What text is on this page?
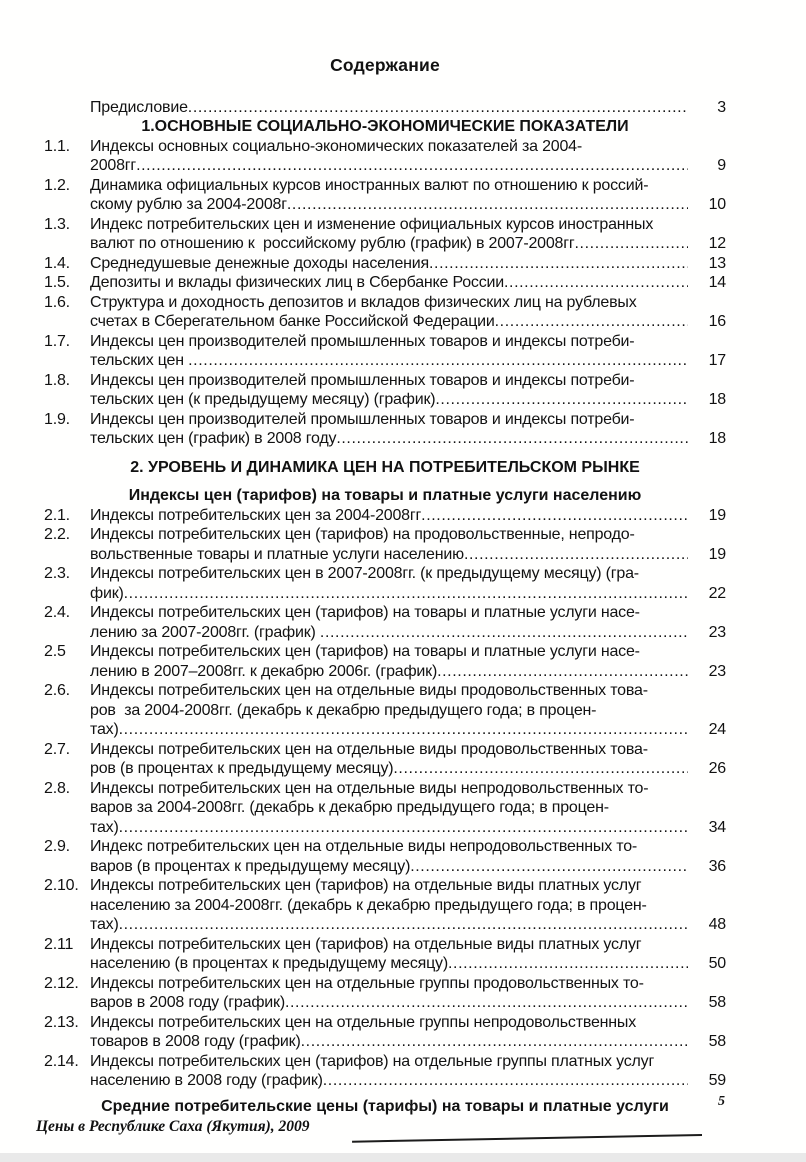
Содержание
Предисловие .....	3
1.ОСНОВНЫЕ СОЦИАЛЬНО-ЭКОНОМИЧЕСКИЕ ПОКАЗАТЕЛИ
1.1.	Индексы основных социально-экономических показателей за 2004-
2008гг .....	9
1.2.	Динамика официальных курсов иностранных валют по отношению к россий-
скому рублю за 2004-2008г .....	10
1.3.	Индекс потребительских цен и изменение официальных курсов иностранных
валют по отношению к  российскому рублю (график) в 2007-2008гг .....	12
1.4.	Среднедушевые денежные доходы населения .....	13
1.5.	Депозиты и вклады физических лиц в Сбербанке России .....	14
1.6.	Структура и доходность депозитов и вкладов физических лиц на рублевых
счетах в Сберегательном банке Российской Федерации .....	16
1.7.	Индексы цен производителей промышленных товаров и индексы потреби-
тельских цен .....	17
1.8.	Индексы цен производителей промышленных товаров и индексы потреби-
тельских цен (к предыдущему месяцу) (график) .....	18
1.9.	Индексы цен производителей промышленных товаров и индексы потреби-
тельских цен (график) в 2008 году .....	18
2. УРОВЕНЬ И ДИНАМИКА ЦЕН НА ПОТРЕБИТЕЛЬСКОМ РЫНКЕ
Индексы цен (тарифов) на товары и платные услуги населению
2.1.	Индексы потребительских цен за 2004-2008гг .....	19
2.2.	Индексы потребительских цен (тарифов) на продовольственные, непродо-
вольственные товары и платные услуги населению .....	19
2.3.	Индексы потребительских цен в 2007-2008гг. (к предыдущему месяцу) (гра-
фик) .....	22
2.4.	Индексы потребительских цен (тарифов) на товары и платные услуги насе-
лению за 2007-2008гг. (график) .....	23
2.5	Индексы потребительских цен (тарифов) на товары и платные услуги насе-
лению в 2007–2008гг. к декабрю 2006г. (график) .....	23
2.6.	Индексы потребительских цен на отдельные виды продовольственных това-
ров  за 2004-2008гг. (декабрь к декабрю предыдущего года; в процен-
тах) .....	24
2.7.	Индексы потребительских цен на отдельные виды продовольственных това-
ров (в процентах к предыдущему месяцу) .....	26
2.8.	Индексы потребительских цен на отдельные виды непродовольственных то-
варов за 2004-2008гг. (декабрь к декабрю предыдущего года; в процен-
тах) .....	34
2.9.	Индекс потребительских цен на отдельные виды непродовольственных то-
варов (в процентах к предыдущему месяцу) .....	36
2.10. Индексы потребительских цен (тарифов) на отдельные виды платных услуг
населению за 2004-2008гг. (декабрь к декабрю предыдущего года; в процен-
тах) .....	48
2.11	Индексы потребительских цен (тарифов) на отдельные виды платных услуг
населению (в процентах к предыдущему месяцу) .....	50
2.12. Индексы потребительских цен на отдельные группы продовольственных то-
варов в 2008 году (график) .....	58
2.13. Индексы потребительских цен на отдельные группы непродовольственных
товаров в 2008 году (график) .....	58
2.14. Индексы потребительских цен (тарифов) на отдельные группы платных услуг
населению в 2008 году (график) .....	59
Средние потребительские цены (тарифы) на товары и платные услуги
Цены в Республике Саха (Якутия), 2009
5
